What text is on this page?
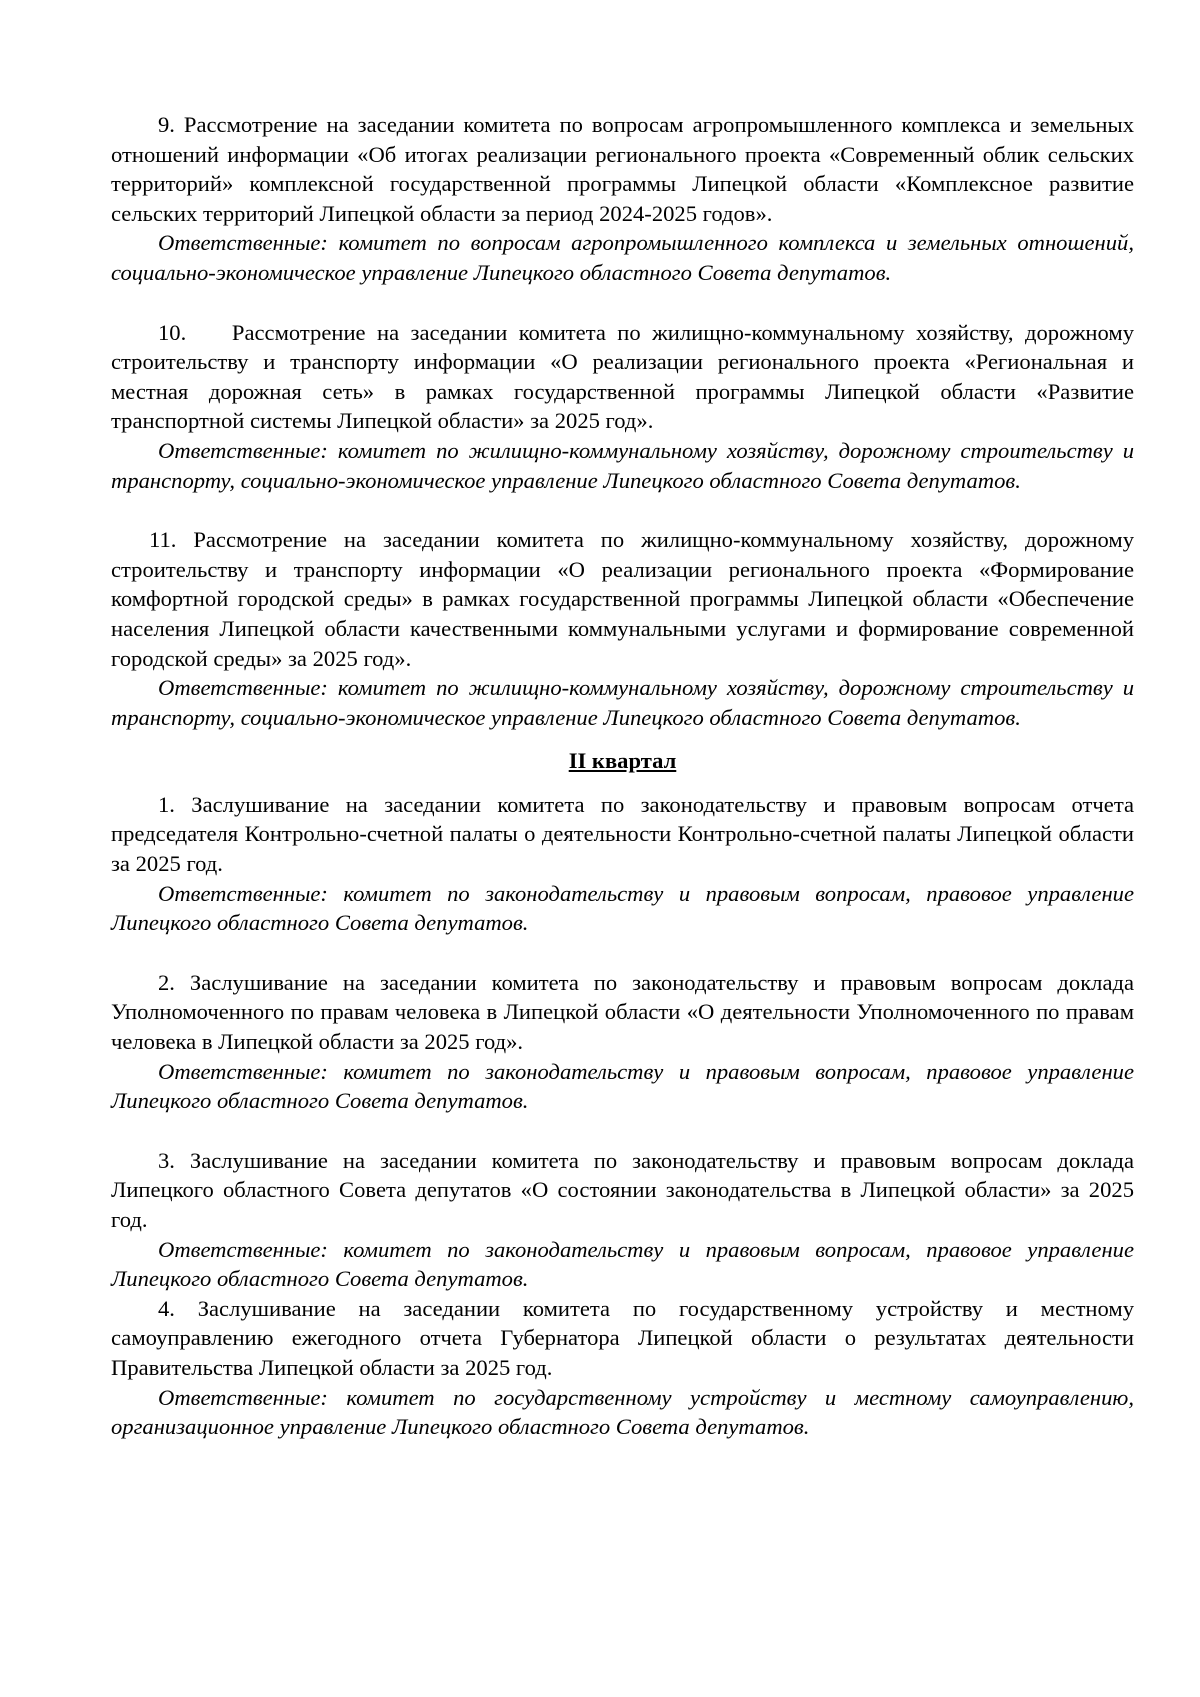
9. Рассмотрение на заседании комитета по вопросам агропромышленного комплекса и земельных отношений информации «Об итогах реализации регионального проекта «Современный облик сельских территорий» комплексной государственной программы Липецкой области «Комплексное развитие сельских территорий Липецкой области за период 2024-2025 годов».

Ответственные: комитет по вопросам агропромышленного комплекса и земельных отношений, социально-экономическое управление Липецкого областного Совета депутатов.

10.    Рассмотрение на заседании комитета по жилищно-коммунальному хозяйству, дорожному строительству и транспорту информации «О реализации регионального проекта «Региональная и местная дорожная сеть» в рамках государственной программы Липецкой области «Развитие транспортной системы Липецкой области» за 2025 год».

Ответственные: комитет по жилищно-коммунальному хозяйству, дорожному строительству и транспорту, социально-экономическое управление Липецкого областного Совета депутатов.

11. Рассмотрение на заседании комитета по жилищно-коммунальному хозяйству, дорожному строительству и транспорту информации «О реализации регионального проекта «Формирование комфортной городской среды» в рамках государственной программы Липецкой области «Обеспечение населения Липецкой области качественными коммунальными услугами и формирование современной городской среды» за 2025 год».

Ответственные: комитет по жилищно-коммунальному хозяйству, дорожному строительству и транспорту, социально-экономическое управление Липецкого областного Совета депутатов.

II квартал

1. Заслушивание на заседании комитета по законодательству и правовым вопросам отчета председателя Контрольно-счетной палаты о деятельности Контрольно-счетной палаты Липецкой области за 2025 год.

Ответственные: комитет по законодательству и правовым вопросам, правовое управление Липецкого областного Совета депутатов.

2. Заслушивание на заседании комитета по законодательству и правовым вопросам доклада Уполномоченного по правам человека в Липецкой области «О деятельности Уполномоченного по правам человека в Липецкой области за 2025 год».

Ответственные: комитет по законодательству и правовым вопросам, правовое управление Липецкого областного Совета депутатов.

3. Заслушивание на заседании комитета по законодательству и правовым вопросам доклада Липецкого областного Совета депутатов «О состоянии законодательства в Липецкой области» за 2025 год.

Ответственные: комитет по законодательству и правовым вопросам, правовое управление Липецкого областного Совета депутатов.

4. Заслушивание на заседании комитета по государственному устройству и местному самоуправлению ежегодного отчета Губернатора Липецкой области о результатах деятельности Правительства Липецкой области за 2025 год.

Ответственные: комитет по государственному устройству и местному самоуправлению, организационное управление Липецкого областного Совета депутатов.
